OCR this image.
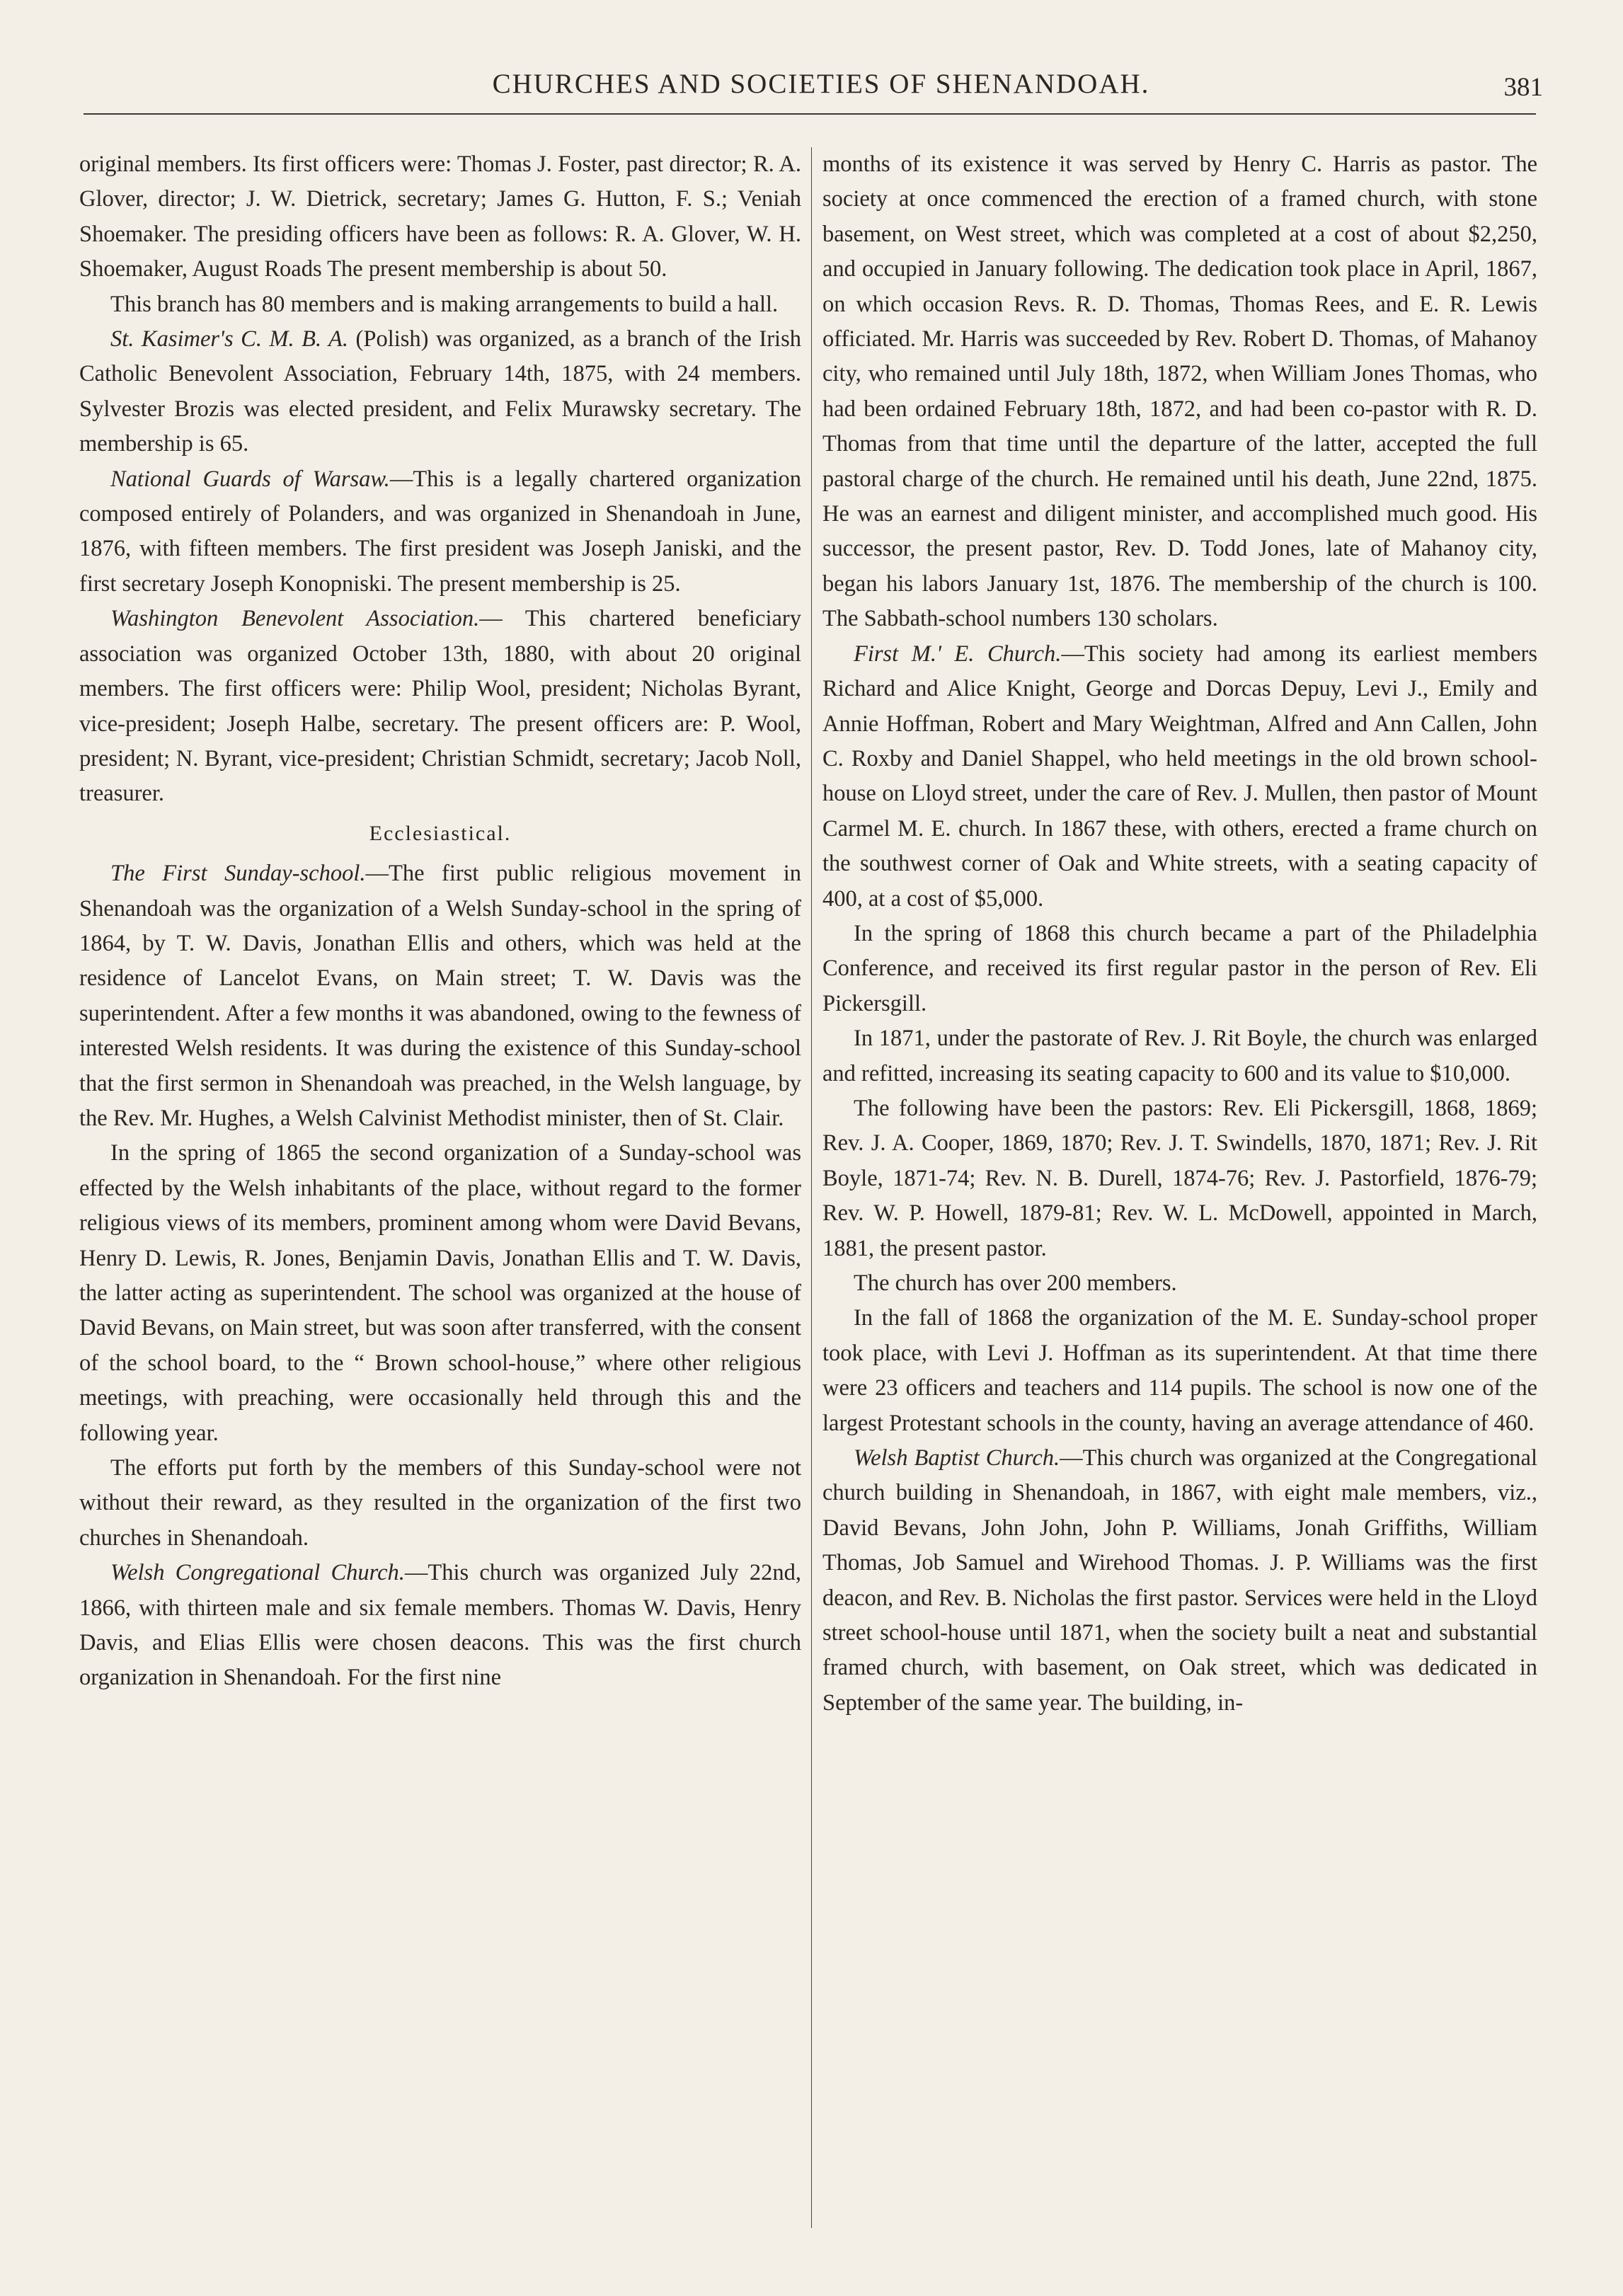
CHURCHES AND SOCIETIES OF SHENANDOAH.	381

original members. Its first officers were: Thomas J. Foster, past director; R. A. Glover, director; J. W. Dietrick, secretary; James G. Hutton, F. S.; Veniah Shoemaker. The presiding officers have been as follows: R. A. Glover, W. H. Shoemaker, August Roads The present membership is about 50.

This branch has 80 members and is making arrangements to build a hall.

St. Kasimer's C. M. B. A. (Polish) was organized, as a branch of the Irish Catholic Benevolent Association, February 14th, 1875, with 24 members. Sylvester Brozis was elected president, and Felix Murawsky secretary. The membership is 65.

National Guards of Warsaw.—This is a legally chartered organization composed entirely of Polanders, and was organized in Shenandoah in June, 1876, with fifteen members. The first president was Joseph Janiski, and the first secretary Joseph Konopniski. The present membership is 25.

Washington Benevolent Association.— This chartered beneficiary association was organized October 13th, 1880, with about 20 original members. The first officers were: Philip Wool, president; Nicholas Byrant, vice-president; Joseph Halbe, secretary. The present officers are: P. Wool, president; N. Byrant, vice-president; Christian Schmidt, secretary; Jacob Noll, treasurer.

Ecclesiastical.

The First Sunday-school.—The first public religious movement in Shenandoah was the organization of a Welsh Sunday-school in the spring of 1864, by T. W. Davis, Jonathan Ellis and others, which was held at the residence of Lancelot Evans, on Main street; T. W. Davis was the superintendent. After a few months it was abandoned, owing to the fewness of interested Welsh residents. It was during the existence of this Sunday-school that the first sermon in Shenandoah was preached, in the Welsh language, by the Rev. Mr. Hughes, a Welsh Calvinist Methodist minister, then of St. Clair.

In the spring of 1865 the second organization of a Sunday-school was effected by the Welsh inhabitants of the place, without regard to the former religious views of its members, prominent among whom were David Bevans, Henry D. Lewis, R. Jones, Benjamin Davis, Jonathan Ellis and T. W. Davis, the latter acting as superintendent. The school was organized at the house of David Bevans, on Main street, but was soon after transferred, with the consent of the school board, to the “ Brown school-house,” where other religious meetings, with preaching, were occasionally held through this and the following year.

The efforts put forth by the members of this Sunday-school were not without their reward, as they resulted in the organization of the first two churches in Shenandoah.

Welsh Congregational Church.—This church was organized July 22nd, 1866, with thirteen male and six female members. Thomas W. Davis, Henry Davis, and Elias Ellis were chosen deacons. This was the first church organization in Shenandoah. For the first nine

months of its existence it was served by Henry C. Harris as pastor. The society at once commenced the erection of a framed church, with stone basement, on West street, which was completed at a cost of about $2,250, and occupied in January following. The dedication took place in April, 1867, on which occasion Revs. R. D. Thomas, Thomas Rees, and E. R. Lewis officiated. Mr. Harris was succeeded by Rev. Robert D. Thomas, of Mahanoy city, who remained until July 18th, 1872, when William Jones Thomas, who had been ordained February 18th, 1872, and had been co-pastor with R. D. Thomas from that time until the departure of the latter, accepted the full pastoral charge of the church. He remained until his death, June 22nd, 1875. He was an earnest and diligent minister, and accomplished much good. His successor, the present pastor, Rev. D. Todd Jones, late of Mahanoy city, began his labors January 1st, 1876. The membership of the church is 100. The Sabbath-school numbers 130 scholars.

First M.' E. Church.—This society had among its earliest members Richard and Alice Knight, George and Dorcas Depuy, Levi J., Emily and Annie Hoffman, Robert and Mary Weightman, Alfred and Ann Callen, John C. Roxby and Daniel Shappel, who held meetings in the old brown school-house on Lloyd street, under the care of Rev. J. Mullen, then pastor of Mount Carmel M. E. church. In 1867 these, with others, erected a frame church on the southwest corner of Oak and White streets, with a seating capacity of 400, at a cost of $5,000.

In the spring of 1868 this church became a part of the Philadelphia Conference, and received its first regular pastor in the person of Rev. Eli Pickersgill.

In 1871, under the pastorate of Rev. J. Rit Boyle, the church was enlarged and refitted, increasing its seating capacity to 600 and its value to $10,000.

The following have been the pastors: Rev. Eli Pickersgill, 1868, 1869; Rev. J. A. Cooper, 1869, 1870; Rev. J. T. Swindells, 1870, 1871; Rev. J. Rit Boyle, 1871-74; Rev. N. B. Durell, 1874-76; Rev. J. Pastorfield, 1876-79; Rev. W. P. Howell, 1879-81; Rev. W. L. McDowell, appointed in March, 1881, the present pastor.

The church has over 200 members.

In the fall of 1868 the organization of the M. E. Sunday-school proper took place, with Levi J. Hoffman as its superintendent. At that time there were 23 officers and teachers and 114 pupils. The school is now one of the largest Protestant schools in the county, having an average attendance of 460.

Welsh Baptist Church.—This church was organized at the Congregational church building in Shenandoah, in 1867, with eight male members, viz., David Bevans, John John, John P. Williams, Jonah Griffiths, William Thomas, Job Samuel and Wirehood Thomas. J. P. Williams was the first deacon, and Rev. B. Nicholas the first pastor. Services were held in the Lloyd street school-house until 1871, when the society built a neat and substantial framed church, with basement, on Oak street, which was dedicated in September of the same year. The building, in-
